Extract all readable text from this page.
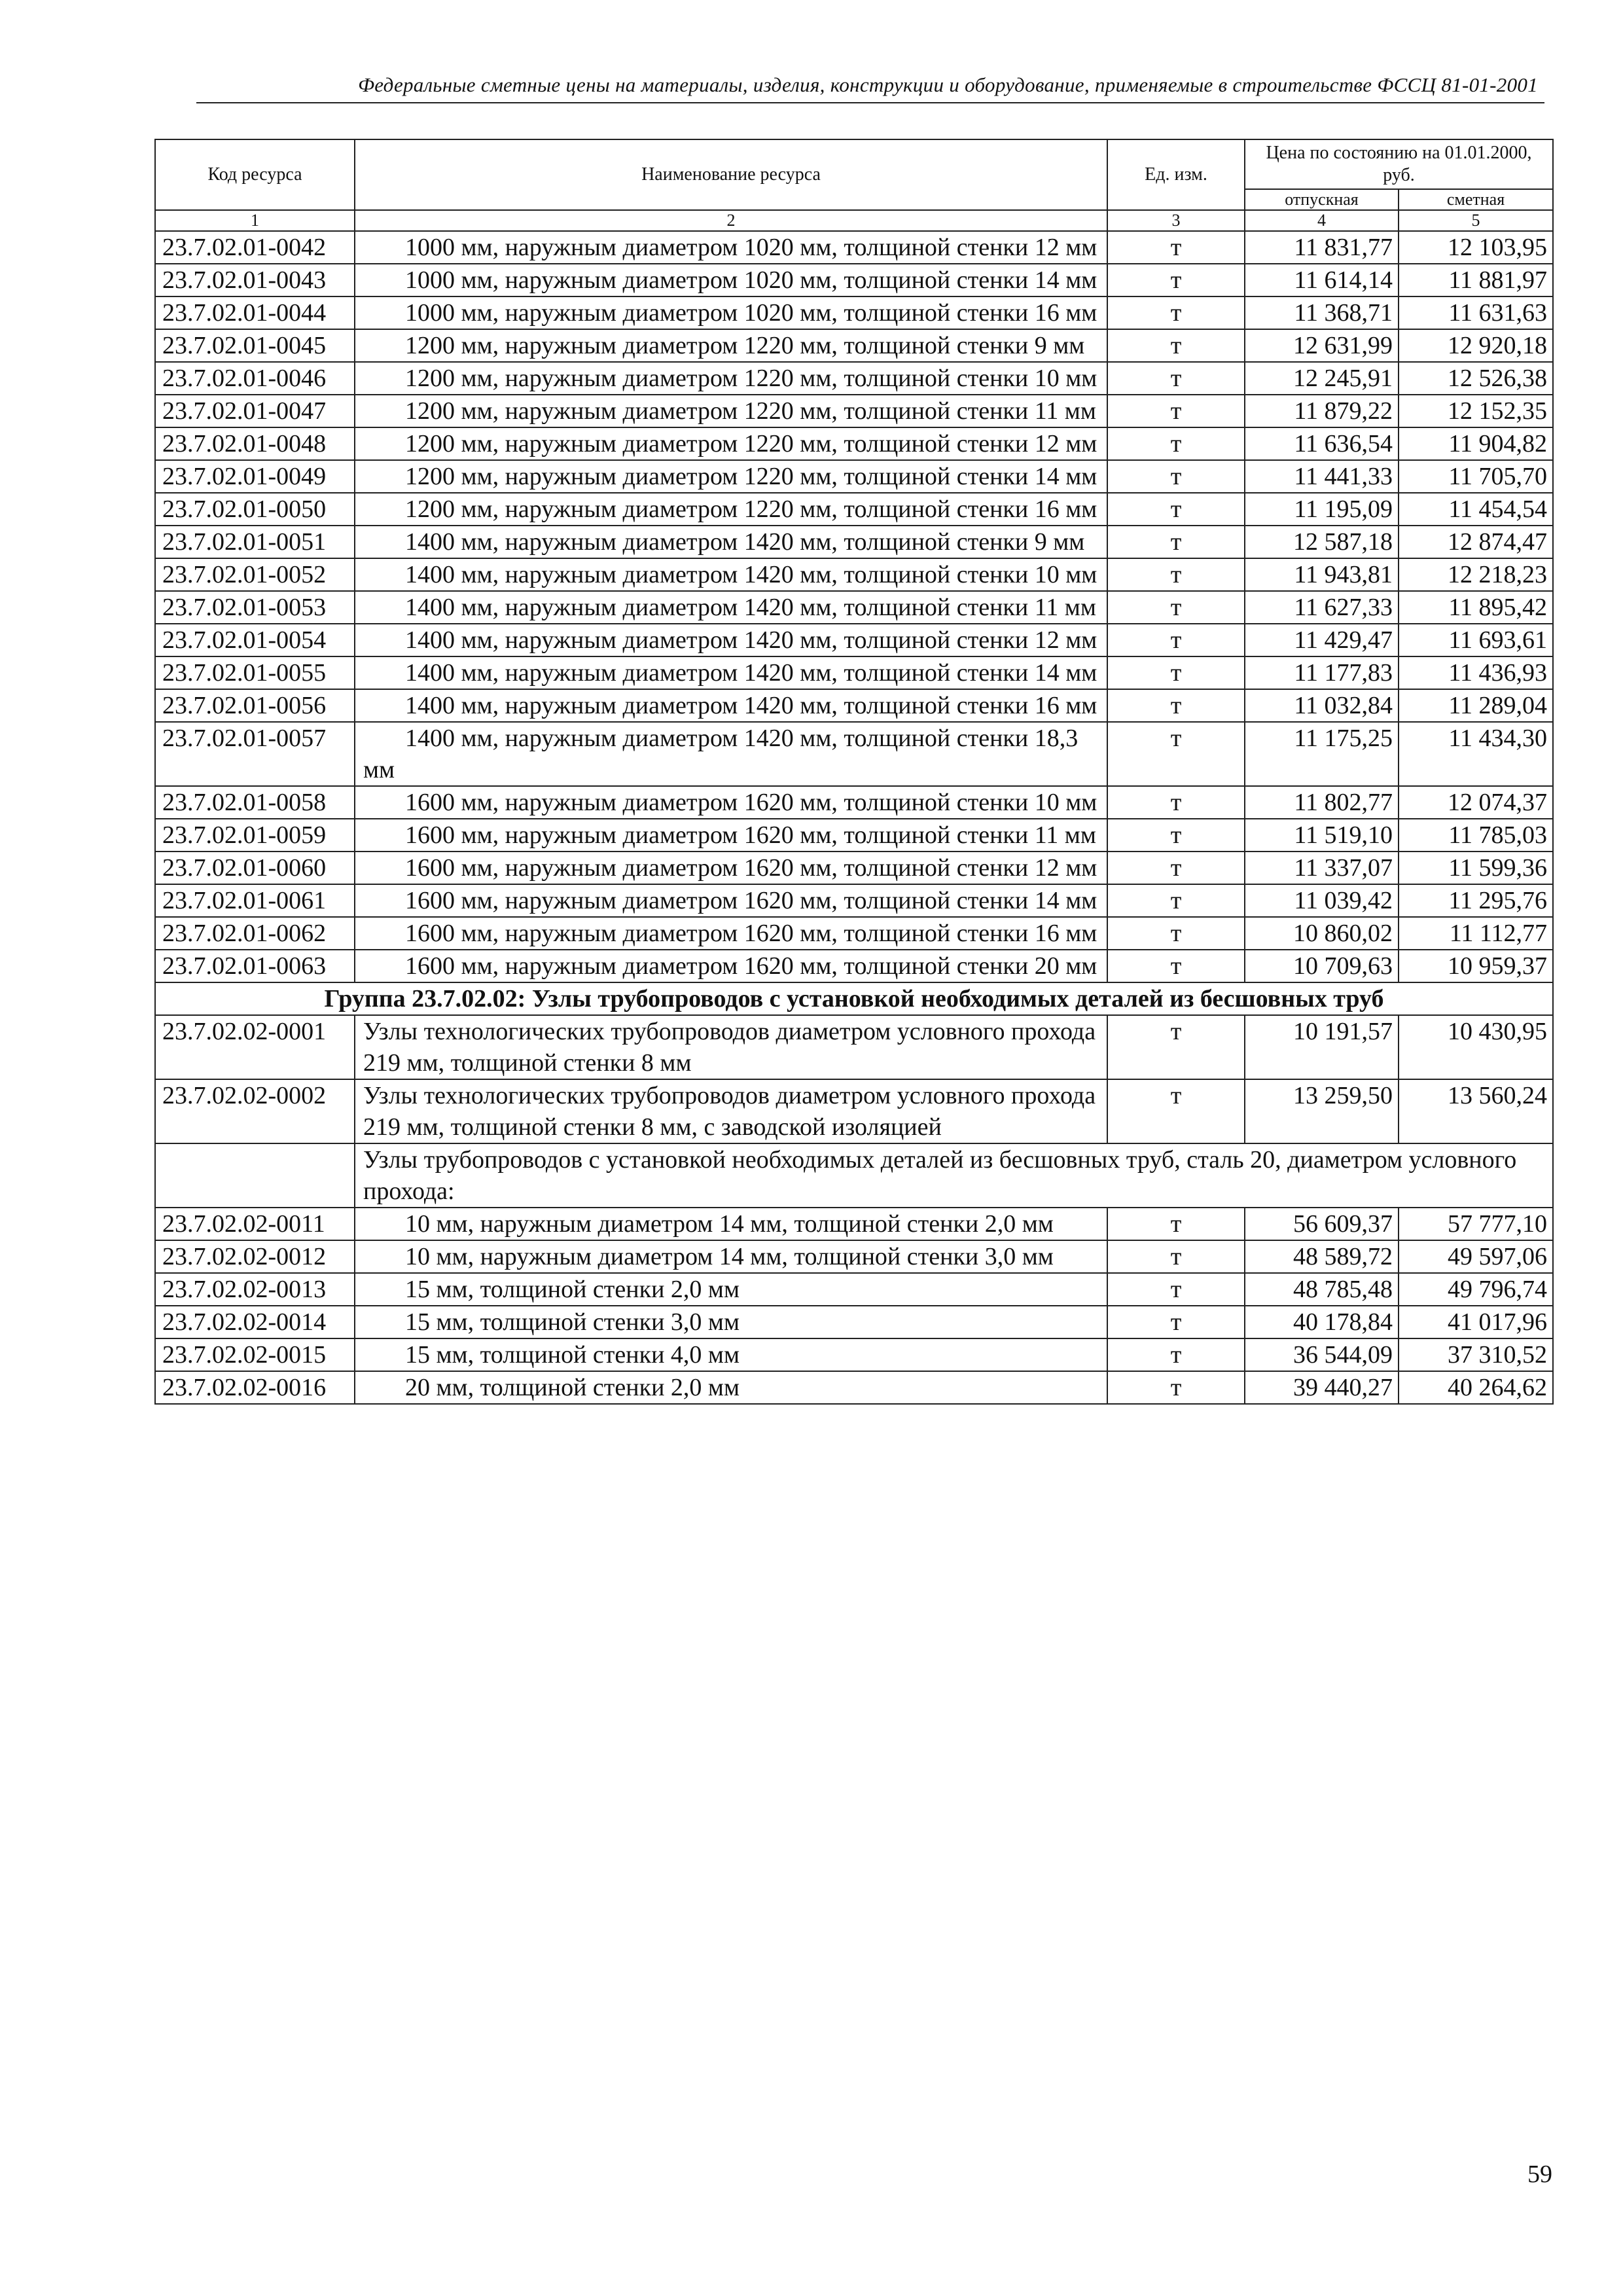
Федеральные сметные цены на материалы, изделия, конструкции и оборудование, применяемые в строительстве ФССЦ 81-01-2001
Код ресурса	Наименование ресурса	Ед. изм.	Цена по состоянию на 01.01.2000, руб.	
			отпускная	сметная
1	2	3	4	5
23.7.02.01-0042	1000 мм, наружным диаметром 1020 мм, толщиной стенки 12 мм	т	11 831,77	12 103,95
23.7.02.01-0043	1000 мм, наружным диаметром 1020 мм, толщиной стенки 14 мм	т	11 614,14	11 881,97
23.7.02.01-0044	1000 мм, наружным диаметром 1020 мм, толщиной стенки 16 мм	т	11 368,71	11 631,63
23.7.02.01-0045	1200 мм, наружным диаметром 1220 мм, толщиной стенки 9 мм	т	12 631,99	12 920,18
23.7.02.01-0046	1200 мм, наружным диаметром 1220 мм, толщиной стенки 10 мм	т	12 245,91	12 526,38
23.7.02.01-0047	1200 мм, наружным диаметром 1220 мм, толщиной стенки 11 мм	т	11 879,22	12 152,35
23.7.02.01-0048	1200 мм, наружным диаметром 1220 мм, толщиной стенки 12 мм	т	11 636,54	11 904,82
23.7.02.01-0049	1200 мм, наружным диаметром 1220 мм, толщиной стенки 14 мм	т	11 441,33	11 705,70
23.7.02.01-0050	1200 мм, наружным диаметром 1220 мм, толщиной стенки 16 мм	т	11 195,09	11 454,54
23.7.02.01-0051	1400 мм, наружным диаметром 1420 мм, толщиной стенки 9 мм	т	12 587,18	12 874,47
23.7.02.01-0052	1400 мм, наружным диаметром 1420 мм, толщиной стенки 10 мм	т	11 943,81	12 218,23
23.7.02.01-0053	1400 мм, наружным диаметром 1420 мм, толщиной стенки 11 мм	т	11 627,33	11 895,42
23.7.02.01-0054	1400 мм, наружным диаметром 1420 мм, толщиной стенки 12 мм	т	11 429,47	11 693,61
23.7.02.01-0055	1400 мм, наружным диаметром 1420 мм, толщиной стенки 14 мм	т	11 177,83	11 436,93
23.7.02.01-0056	1400 мм, наружным диаметром 1420 мм, толщиной стенки 16 мм	т	11 032,84	11 289,04
23.7.02.01-0057	1400 мм, наружным диаметром 1420 мм, толщиной стенки 18,3 мм	т	11 175,25	11 434,30
23.7.02.01-0058	1600 мм, наружным диаметром 1620 мм, толщиной стенки 10 мм	т	11 802,77	12 074,37
23.7.02.01-0059	1600 мм, наружным диаметром 1620 мм, толщиной стенки 11 мм	т	11 519,10	11 785,03
23.7.02.01-0060	1600 мм, наружным диаметром 1620 мм, толщиной стенки 12 мм	т	11 337,07	11 599,36
23.7.02.01-0061	1600 мм, наружным диаметром 1620 мм, толщиной стенки 14 мм	т	11 039,42	11 295,76
23.7.02.01-0062	1600 мм, наружным диаметром 1620 мм, толщиной стенки 16 мм	т	10 860,02	11 112,77
23.7.02.01-0063	1600 мм, наружным диаметром 1620 мм, толщиной стенки 20 мм	т	10 709,63	10 959,37
Группа 23.7.02.02: Узлы трубопроводов с установкой необходимых деталей из бесшовных труб				
23.7.02.02-0001	Узлы технологических трубопроводов диаметром условного прохода 219 мм, толщиной стенки 8 мм	т	10 191,57	10 430,95
23.7.02.02-0002	Узлы технологических трубопроводов диаметром условного прохода 219 мм, толщиной стенки 8 мм, с заводской изоляцией	т	13 259,50	13 560,24
	Узлы трубопроводов с установкой необходимых деталей из бесшовных труб, сталь 20, диаметром условного прохода:			
23.7.02.02-0011	10 мм, наружным диаметром 14 мм, толщиной стенки 2,0 мм	т	56 609,37	57 777,10
23.7.02.02-0012	10 мм, наружным диаметром 14 мм, толщиной стенки 3,0 мм	т	48 589,72	49 597,06
23.7.02.02-0013	15 мм, толщиной стенки 2,0 мм	т	48 785,48	49 796,74
23.7.02.02-0014	15 мм, толщиной стенки 3,0 мм	т	40 178,84	41 017,96
23.7.02.02-0015	15 мм, толщиной стенки 4,0 мм	т	36 544,09	37 310,52
23.7.02.02-0016	20 мм, толщиной стенки 2,0 мм	т	39 440,27	40 264,62
59
